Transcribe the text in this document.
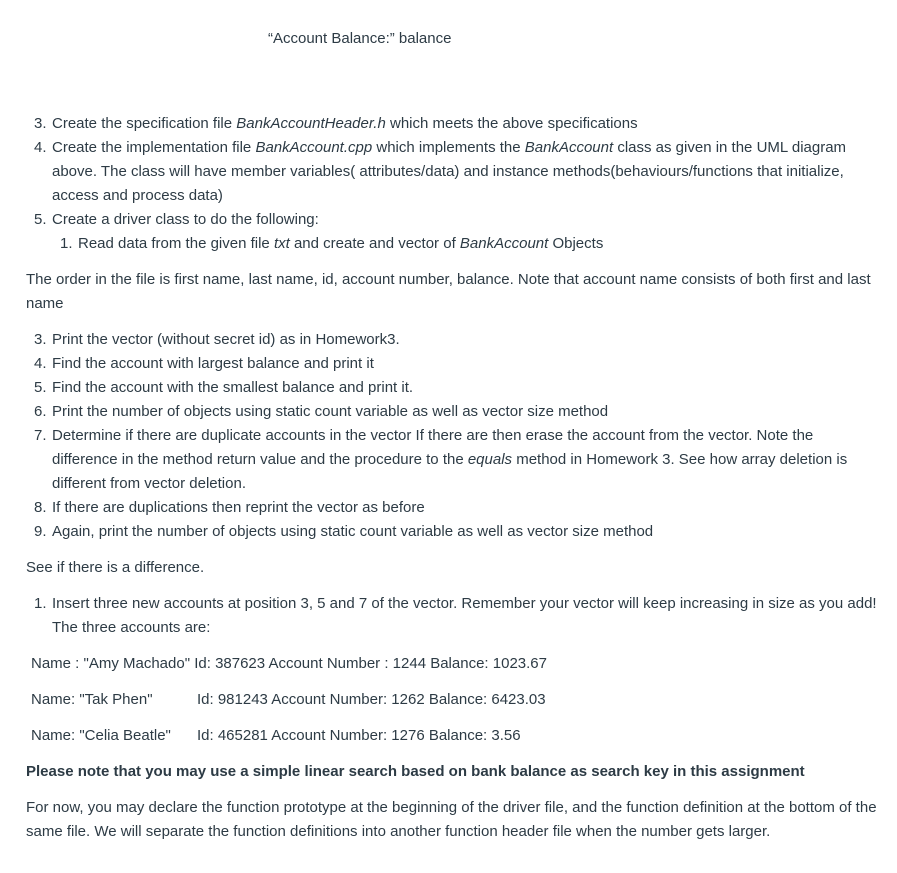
“Account Balance:” balance
3. Create the specification file BankAccountHeader.h which meets the above specifications
4. Create the implementation file BankAccount.cpp which implements the BankAccount class as given in the UML diagram above. The class will have member variables( attributes/data) and instance methods(behaviours/functions that initialize, access and process data)
5. Create a driver class to do the following:
1. Read data from the given file txt and create and vector of BankAccount Objects

The order in the file is first name, last name, id, account number, balance. Note that account name consists of both first and last name

3. Print the vector (without secret id) as in Homework3.
4. Find the account with largest balance and print it
5. Find the account with the smallest balance and print it.
6. Print the number of objects using static count variable as well as vector size method
7. Determine if there are duplicate accounts in the vector If there are then erase the account from the vector. Note the difference in the method return value and the procedure to the equals method in Homework 3. See how array deletion is different from vector deletion.
8. If there are duplications then reprint the vector as before
9. Again, print the number of objects using static count variable as well as vector size method

See if there is a difference.

1. Insert three new accounts at position 3, 5 and 7 of the vector. Remember your vector will keep increasing in size as you add! The three accounts are:

Name : "Amy Machado" Id: 387623 Account Number : 1244 Balance: 1023.67

Name: "Tak Phen"	Id: 981243 Account Number: 1262 Balance: 6423.03

Name: "Celia Beatle" Id: 465281 Account Number: 1276 Balance: 3.56

Please note that you may use a simple linear search based on bank balance as search key in this assignment

For now, you may declare the function prototype at the beginning of the driver file, and the function definition at the bottom of the same file. We will separate the function definitions into another function header file when the number gets larger.
